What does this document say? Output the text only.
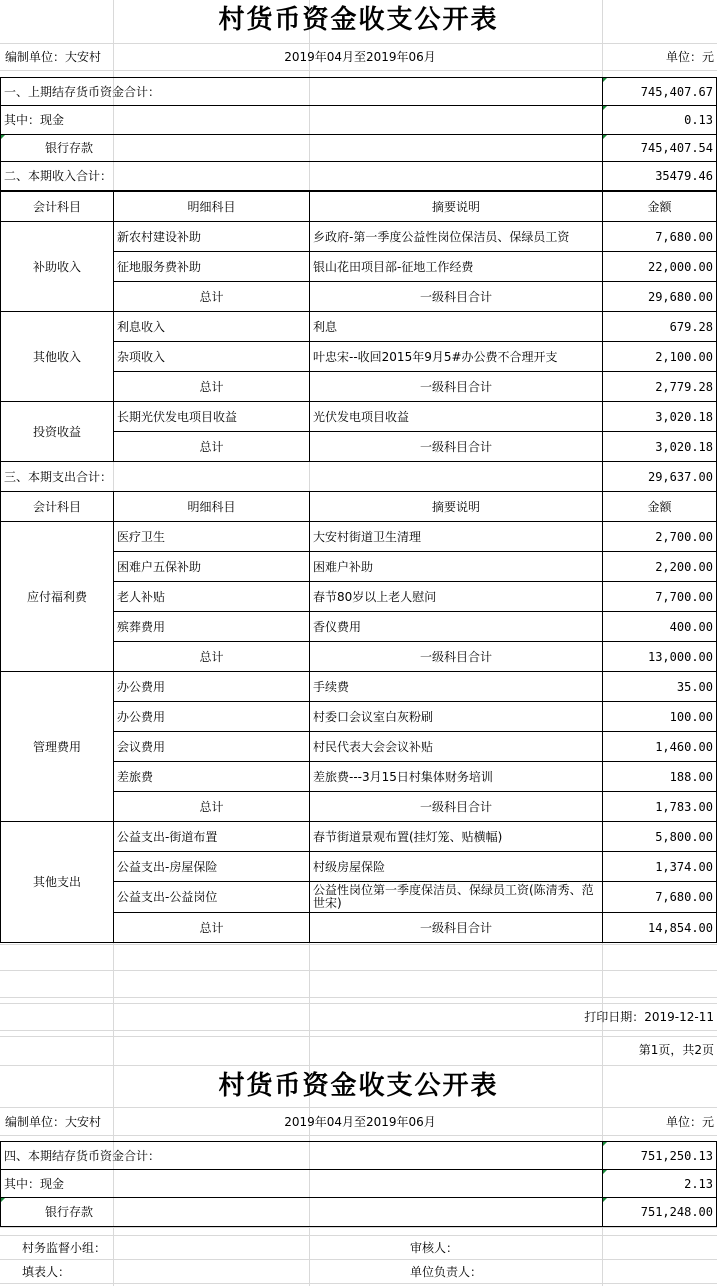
村货币资金收支公开表
编制单位：大安村	2019年04月至2019年06月	单位：元
一、上期结存货币资金合计：	745,407.67
其中：现金	0.13
银行存款	745,407.54
二、本期收入合计：	35479.46
会计科目	明细科目	摘要说明	金额
补助收入
新农村建设补助	乡政府-第一季度公益性岗位保洁员、保绿员工资	7,680.00
征地服务费补助	银山花田项目部-征地工作经费	22,000.00
总计	一级科目合计	29,680.00
其他收入
利息收入	利息	679.28
杂项收入	叶忠宋--收回2015年9月5#办公费不合理开支	2,100.00
总计	一级科目合计	2,779.28
投资收益
长期光伏发电项目收益	光伏发电项目收益	3,020.18
总计	一级科目合计	3,020.18
三、本期支出合计：	29,637.00
会计科目	明细科目	摘要说明	金额
应付福利费
医疗卫生	大安村街道卫生清理	2,700.00
困难户五保补助	困难户补助	2,200.00
老人补贴	春节80岁以上老人慰问	7,700.00
殡葬费用	香仪费用	400.00
总计	一级科目合计	13,000.00
管理费用
办公费用	手续费	35.00
办公费用	村委口会议室白灰粉刷	100.00
会议费用	村民代表大会会议补贴	1,460.00
差旅费	差旅费---3月15日村集体财务培训	188.00
总计	一级科目合计	1,783.00
其他支出
公益支出-街道布置	春节街道景观布置(挂灯笼、贴横幅)	5,800.00
公益支出-房屋保险	村级房屋保险	1,374.00
公益支出-公益岗位	公益性岗位第一季度保洁员、保绿员工资(陈清秀、范世宋)	7,680.00
总计	一级科目合计	14,854.00
打印日期：2019-12-11
第1页，共2页
村货币资金收支公开表
编制单位：大安村	2019年04月至2019年06月	单位：元
四、本期结存货币资金合计：	751,250.13
其中：现金	2.13
银行存款	751,248.00
村务监督小组：	审核人：
填表人：	单位负责人：
